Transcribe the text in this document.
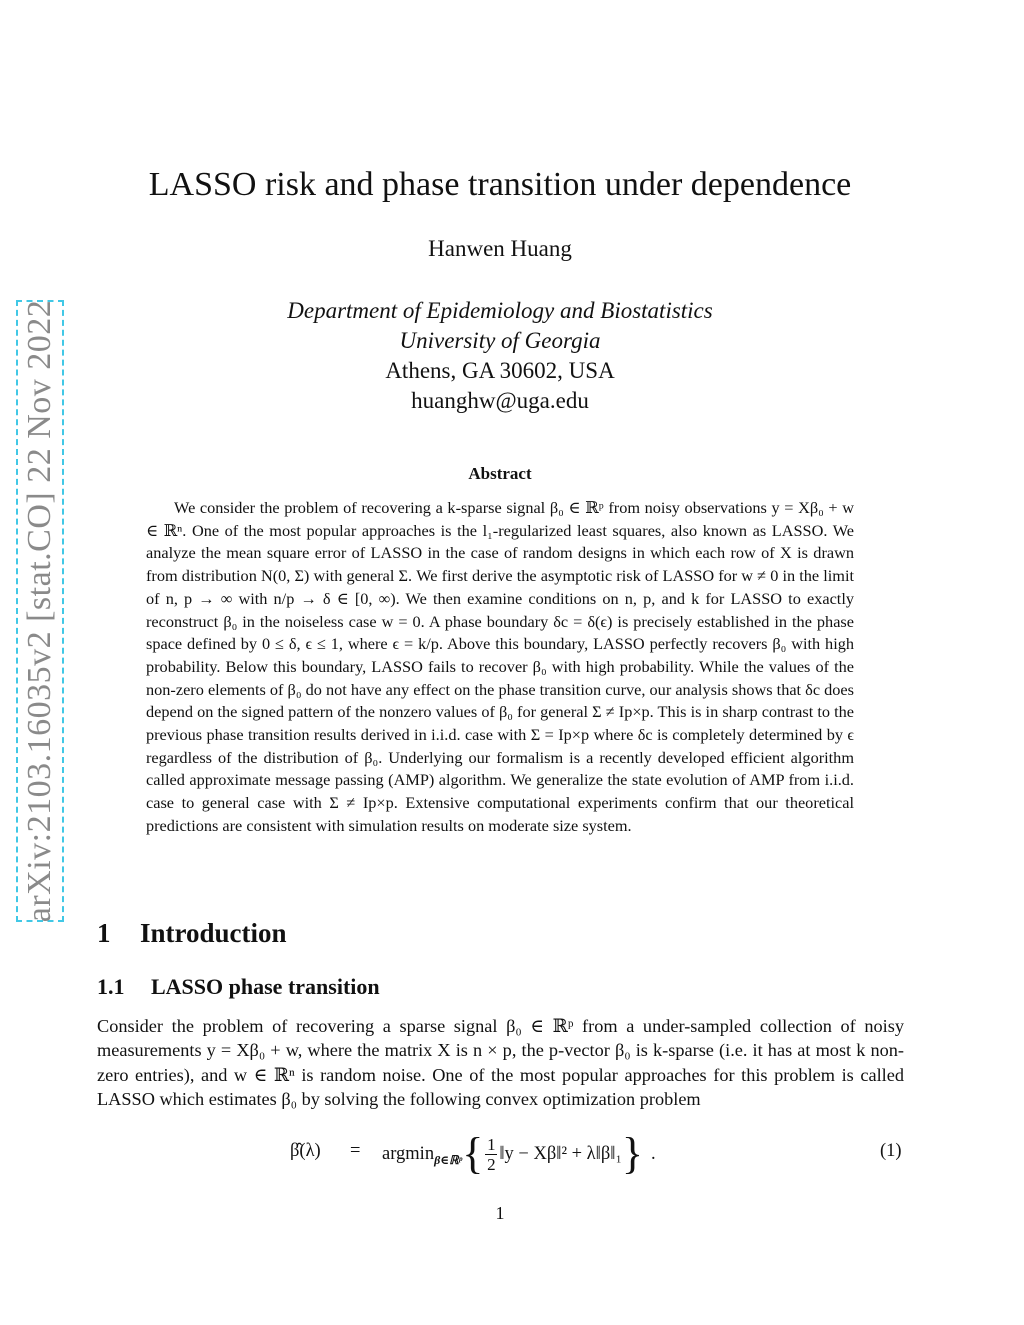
arXiv:2103.16035v2 [stat.CO] 22 Nov 2022
LASSO risk and phase transition under dependence
Hanwen Huang
Department of Epidemiology and Biostatistics
University of Georgia
Athens, GA 30602, USA
huanghw@uga.edu
Abstract
We consider the problem of recovering a k-sparse signal β₀ ∈ ℝᵖ from noisy observations y = Xβ₀ + w ∈ ℝⁿ. One of the most popular approaches is the l₁-regularized least squares, also known as LASSO. We analyze the mean square error of LASSO in the case of random designs in which each row of X is drawn from distribution N(0, Σ) with general Σ. We first derive the asymptotic risk of LASSO for w ≠ 0 in the limit of n, p → ∞ with n/p → δ ∈ [0, ∞). We then examine conditions on n, p, and k for LASSO to exactly reconstruct β₀ in the noiseless case w = 0. A phase boundary δc = δ(ϵ) is precisely established in the phase space defined by 0 ≤ δ, ϵ ≤ 1, where ϵ = k/p. Above this boundary, LASSO perfectly recovers β₀ with high probability. Below this boundary, LASSO fails to recover β₀ with high probability. While the values of the non-zero elements of β₀ do not have any effect on the phase transition curve, our analysis shows that δc does depend on the signed pattern of the nonzero values of β₀ for general Σ ≠ Ip×p. This is in sharp contrast to the previous phase transition results derived in i.i.d. case with Σ = Ip×p where δc is completely determined by ϵ regardless of the distribution of β₀. Underlying our formalism is a recently developed efficient algorithm called approximate message passing (AMP) algorithm. We generalize the state evolution of AMP from i.i.d. case to general case with Σ ≠ Ip×p. Extensive computational experiments confirm that our theoretical predictions are consistent with simulation results on moderate size system.
1 Introduction
1.1 LASSO phase transition
Consider the problem of recovering a sparse signal β₀ ∈ ℝᵖ from a under-sampled collection of noisy measurements y = Xβ₀ + w, where the matrix X is n × p, the p-vector β₀ is k-sparse (i.e. it has at most k non-zero entries), and w ∈ ℝⁿ is random noise. One of the most popular approaches for this problem is called LASSO which estimates β₀ by solving the following convex optimization problem
β̂(λ) = argmin β∈ℝᵖ { $\frac{1}{2}$ ‖y − Xβ‖² + λ‖β‖₁ } .	(1)
1
